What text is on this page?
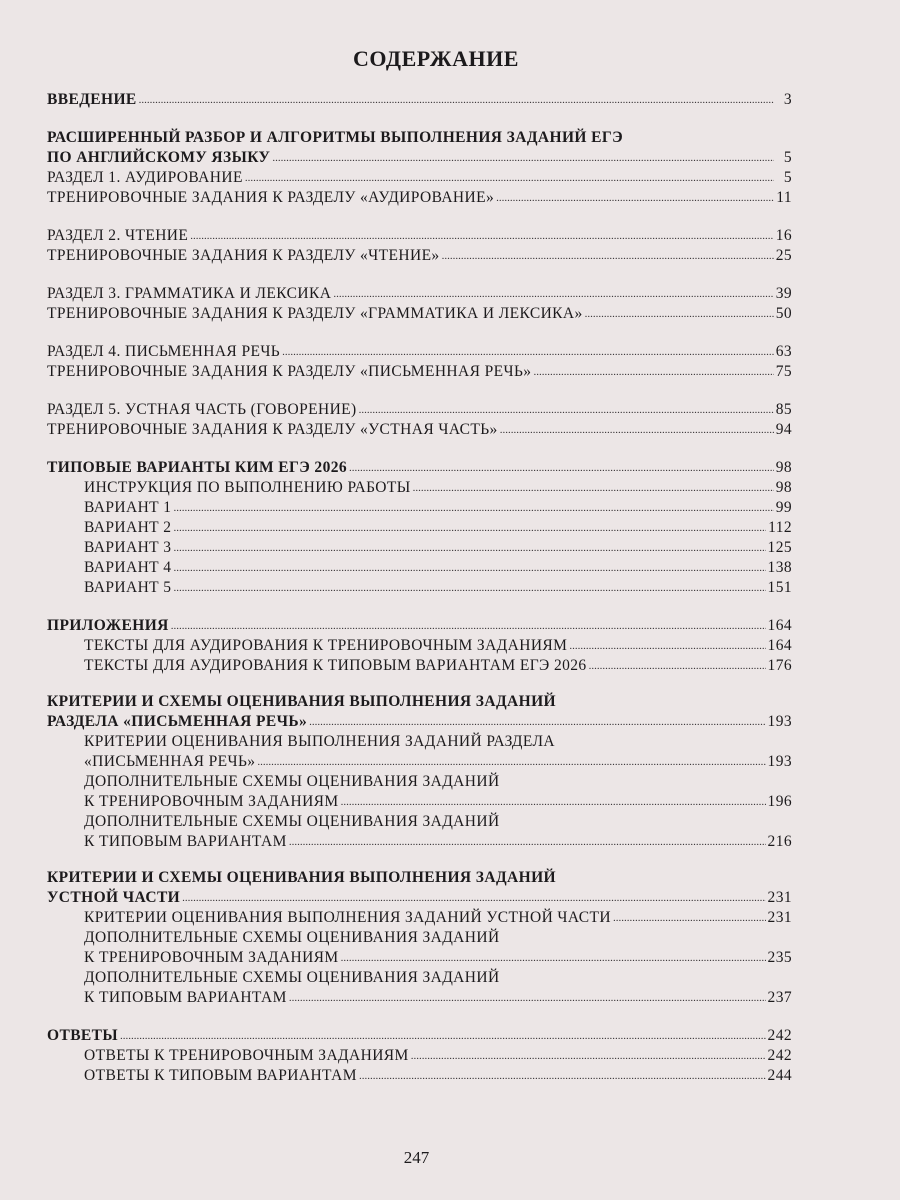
СОДЕРЖАНИЕ
ВВЕДЕНИЕ .....	3
РАСШИРЕННЫЙ РАЗБОР И АЛГОРИТМЫ ВЫПОЛНЕНИЯ ЗАДАНИЙ ЕГЭ
ПО АНГЛИЙСКОМУ ЯЗЫКУ .....	5
РАЗДЕЛ 1. АУДИРОВАНИЕ .....	5
ТРЕНИРОВОЧНЫЕ ЗАДАНИЯ К РАЗДЕЛУ «АУДИРОВАНИЕ» .....	11
РАЗДЕЛ 2. ЧТЕНИЕ .....	16
ТРЕНИРОВОЧНЫЕ ЗАДАНИЯ К РАЗДЕЛУ «ЧТЕНИЕ» .....	25
РАЗДЕЛ 3. ГРАММАТИКА И ЛЕКСИКА .....	39
ТРЕНИРОВОЧНЫЕ ЗАДАНИЯ К РАЗДЕЛУ «ГРАММАТИКА И ЛЕКСИКА» .....	50
РАЗДЕЛ 4. ПИСЬМЕННАЯ РЕЧЬ .....	63
ТРЕНИРОВОЧНЫЕ ЗАДАНИЯ К РАЗДЕЛУ «ПИСЬМЕННАЯ РЕЧЬ» .....	75
РАЗДЕЛ 5. УСТНАЯ ЧАСТЬ (ГОВОРЕНИЕ) .....	85
ТРЕНИРОВОЧНЫЕ ЗАДАНИЯ К РАЗДЕЛУ «УСТНАЯ ЧАСТЬ» .....	94
ТИПОВЫЕ ВАРИАНТЫ КИМ ЕГЭ 2026 .....	98
ИНСТРУКЦИЯ ПО ВЫПОЛНЕНИЮ РАБОТЫ .....	98
ВАРИАНТ 1 .....	99
ВАРИАНТ 2 .....	112
ВАРИАНТ 3 .....	125
ВАРИАНТ 4 .....	138
ВАРИАНТ 5 .....	151
ПРИЛОЖЕНИЯ .....	164
ТЕКСТЫ ДЛЯ АУДИРОВАНИЯ К ТРЕНИРОВОЧНЫМ ЗАДАНИЯМ .....	164
ТЕКСТЫ ДЛЯ АУДИРОВАНИЯ К ТИПОВЫМ ВАРИАНТАМ ЕГЭ 2026 .....	176
КРИТЕРИИ И СХЕМЫ ОЦЕНИВАНИЯ ВЫПОЛНЕНИЯ ЗАДАНИЙ
РАЗДЕЛА «ПИСЬМЕННАЯ РЕЧЬ» .....	193
КРИТЕРИИ ОЦЕНИВАНИЯ ВЫПОЛНЕНИЯ ЗАДАНИЙ РАЗДЕЛА
«ПИСЬМЕННАЯ РЕЧЬ» .....	193
ДОПОЛНИТЕЛЬНЫЕ СХЕМЫ ОЦЕНИВАНИЯ ЗАДАНИЙ
К ТРЕНИРОВОЧНЫМ ЗАДАНИЯМ .....	196
ДОПОЛНИТЕЛЬНЫЕ СХЕМЫ ОЦЕНИВАНИЯ ЗАДАНИЙ
К ТИПОВЫМ ВАРИАНТАМ .....	216
КРИТЕРИИ И СХЕМЫ ОЦЕНИВАНИЯ ВЫПОЛНЕНИЯ ЗАДАНИЙ
УСТНОЙ ЧАСТИ .....	231
КРИТЕРИИ ОЦЕНИВАНИЯ ВЫПОЛНЕНИЯ ЗАДАНИЙ УСТНОЙ ЧАСТИ .....	231
ДОПОЛНИТЕЛЬНЫЕ СХЕМЫ ОЦЕНИВАНИЯ ЗАДАНИЙ
К ТРЕНИРОВОЧНЫМ ЗАДАНИЯМ .....	235
ДОПОЛНИТЕЛЬНЫЕ СХЕМЫ ОЦЕНИВАНИЯ ЗАДАНИЙ
К ТИПОВЫМ ВАРИАНТАМ .....	237
ОТВЕТЫ .....	242
ОТВЕТЫ К ТРЕНИРОВОЧНЫМ ЗАДАНИЯМ .....	242
ОТВЕТЫ К ТИПОВЫМ ВАРИАНТАМ .....	244
247
